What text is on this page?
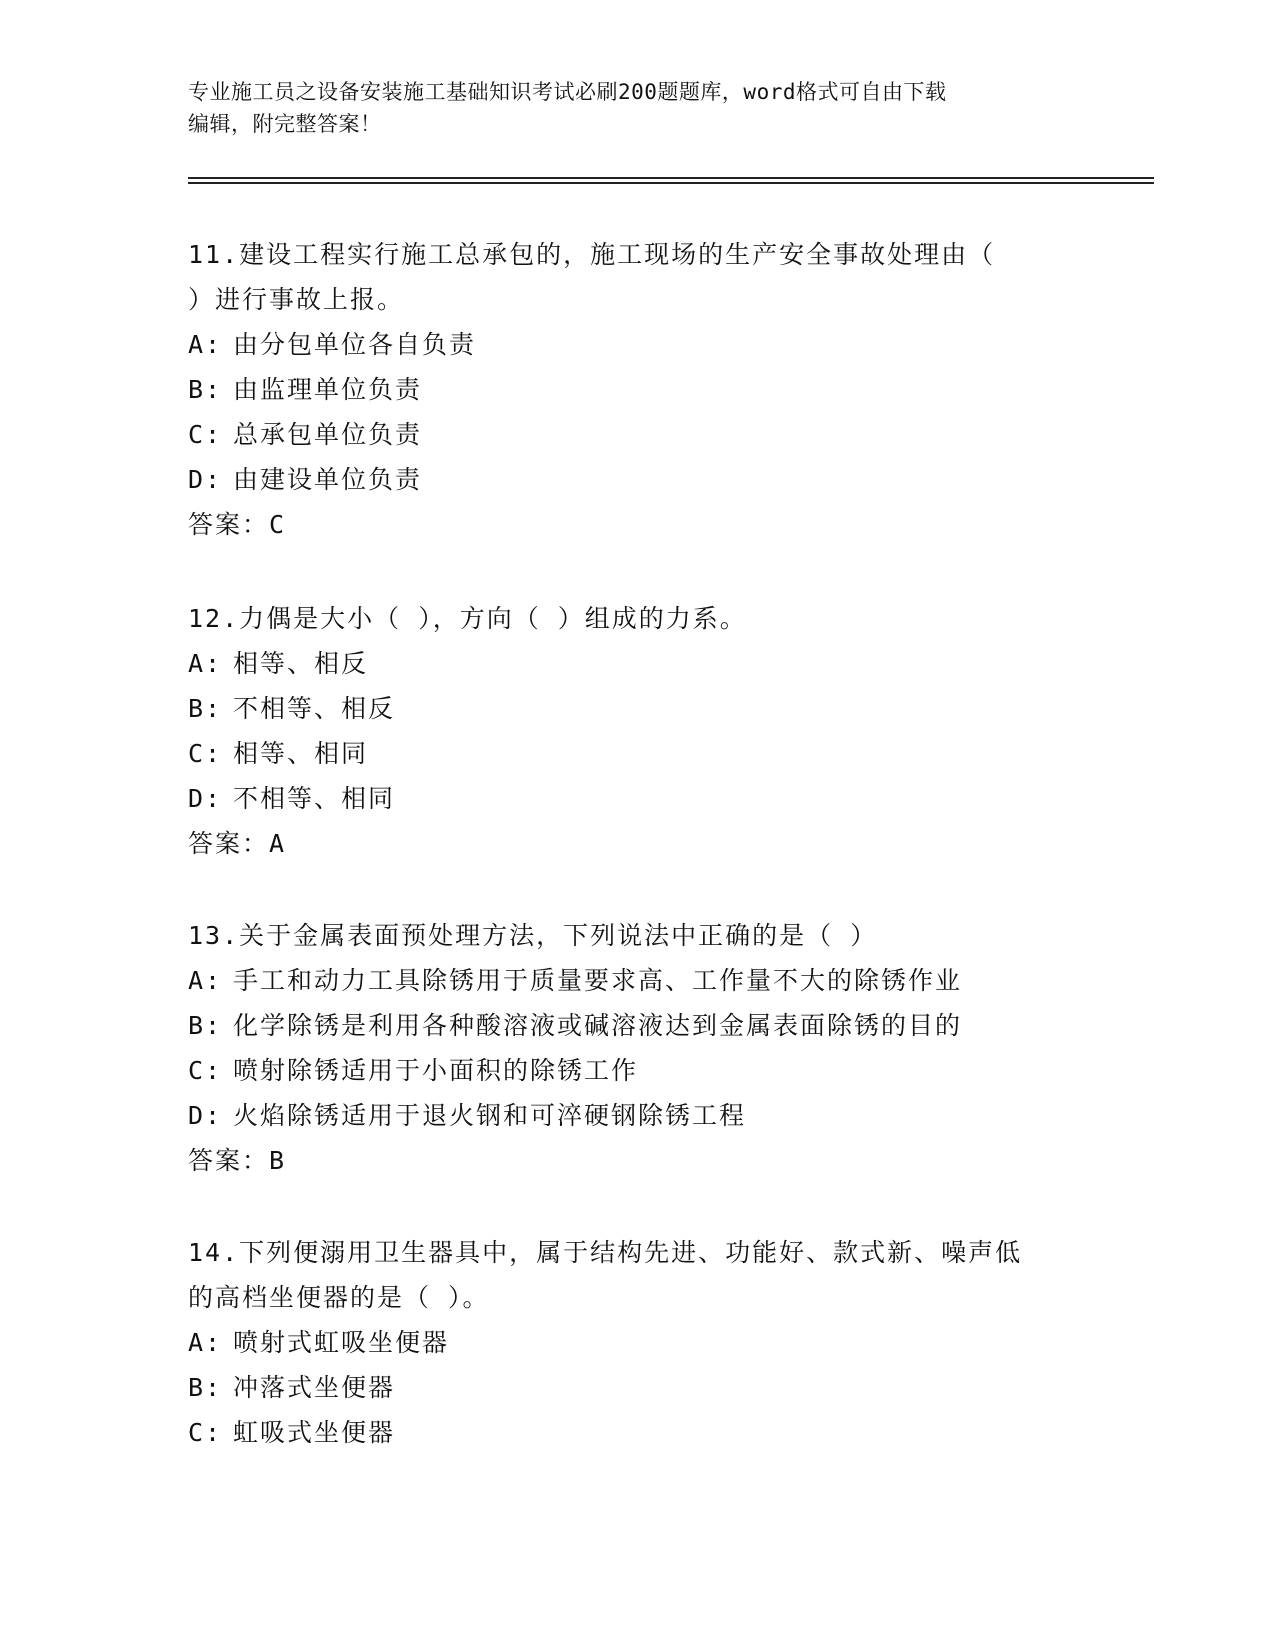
专业施工员之设备安装施工基础知识考试必刷200题题库，word格式可自由下载
编辑，附完整答案！

11.建设工程实行施工总承包的，施工现场的生产安全事故处理由（

）进行事故上报。

A: 由分包单位各自负责

B: 由监理单位负责

C: 总承包单位负责

D: 由建设单位负责

答案：C

12.力偶是大小（ ），方向（ ）组成的力系。

A: 相等、相反

B: 不相等、相反

C: 相等、相同

D: 不相等、相同

答案：A

13.关于金属表面预处理方法，下列说法中正确的是（ ）

A: 手工和动力工具除锈用于质量要求高、工作量不大的除锈作业

B: 化学除锈是利用各种酸溶液或碱溶液达到金属表面除锈的目的

C: 喷射除锈适用于小面积的除锈工作

D: 火焰除锈适用于退火钢和可淬硬钢除锈工程

答案：B

14.下列便溺用卫生器具中，属于结构先进、功能好、款式新、噪声低

的高档坐便器的是（ ）。

A: 喷射式虹吸坐便器

B: 冲落式坐便器

C: 虹吸式坐便器
